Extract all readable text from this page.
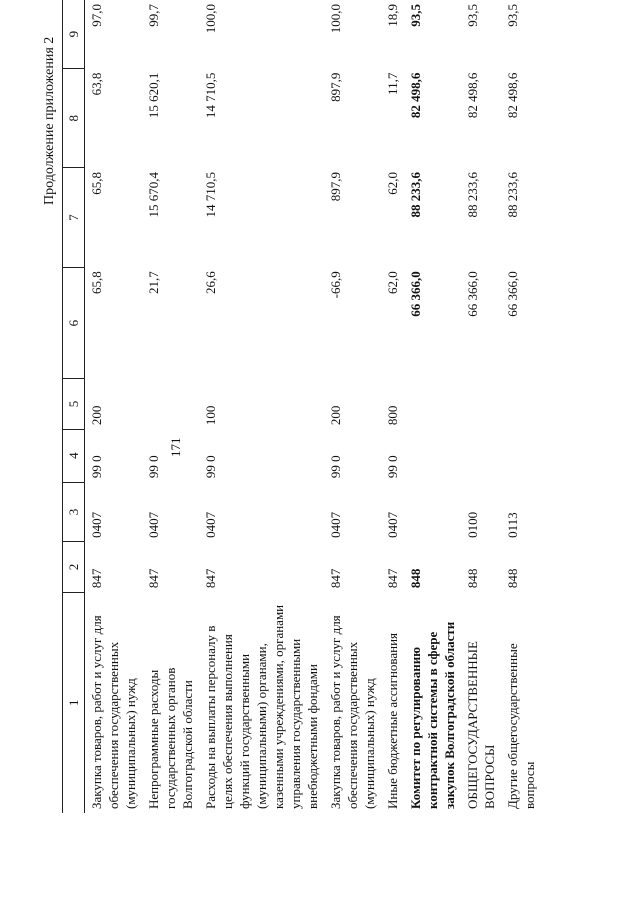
171
Продолжение приложения 2
1	2	3	4	5	6	7	8	9
Закупка товаров, работ и услуг для обеспечения государственных (муниципальных) нужд	847	0407	99 0	200	65,8	65,8	63,8	97,0
Непрограммные расходы государственных органов Волгоградской области	847	0407	99 0		21,7	15 670,4	15 620,1	99,7
Расходы на выплаты персоналу в целях обеспечения выполнения функций государственными (муниципальными) органами, казенными учреждениями, органами управления государственными внебюджетными фондами	847	0407	99 0	100	26,6	14 710,5	14 710,5	100,0
Закупка товаров, работ и услуг для обеспечения государственных (муниципальных) нужд	847	0407	99 0	200	-66,9	897,9	897,9	100,0
Иные бюджетные ассигнования	847	0407	99 0	800	62,0	62,0	11,7	18,9
Комитет по регулированию контрактной системы в сфере закупок Волгоградской области	848				66 366,0	88 233,6	82 498,6	93,5
ОБЩЕГОСУДАРСТВЕННЫЕ ВОПРОСЫ	848	0100			66 366,0	88 233,6	82 498,6	93,5
Другие общегосударственные вопросы	848	0113			66 366,0	88 233,6	82 498,6	93,5
